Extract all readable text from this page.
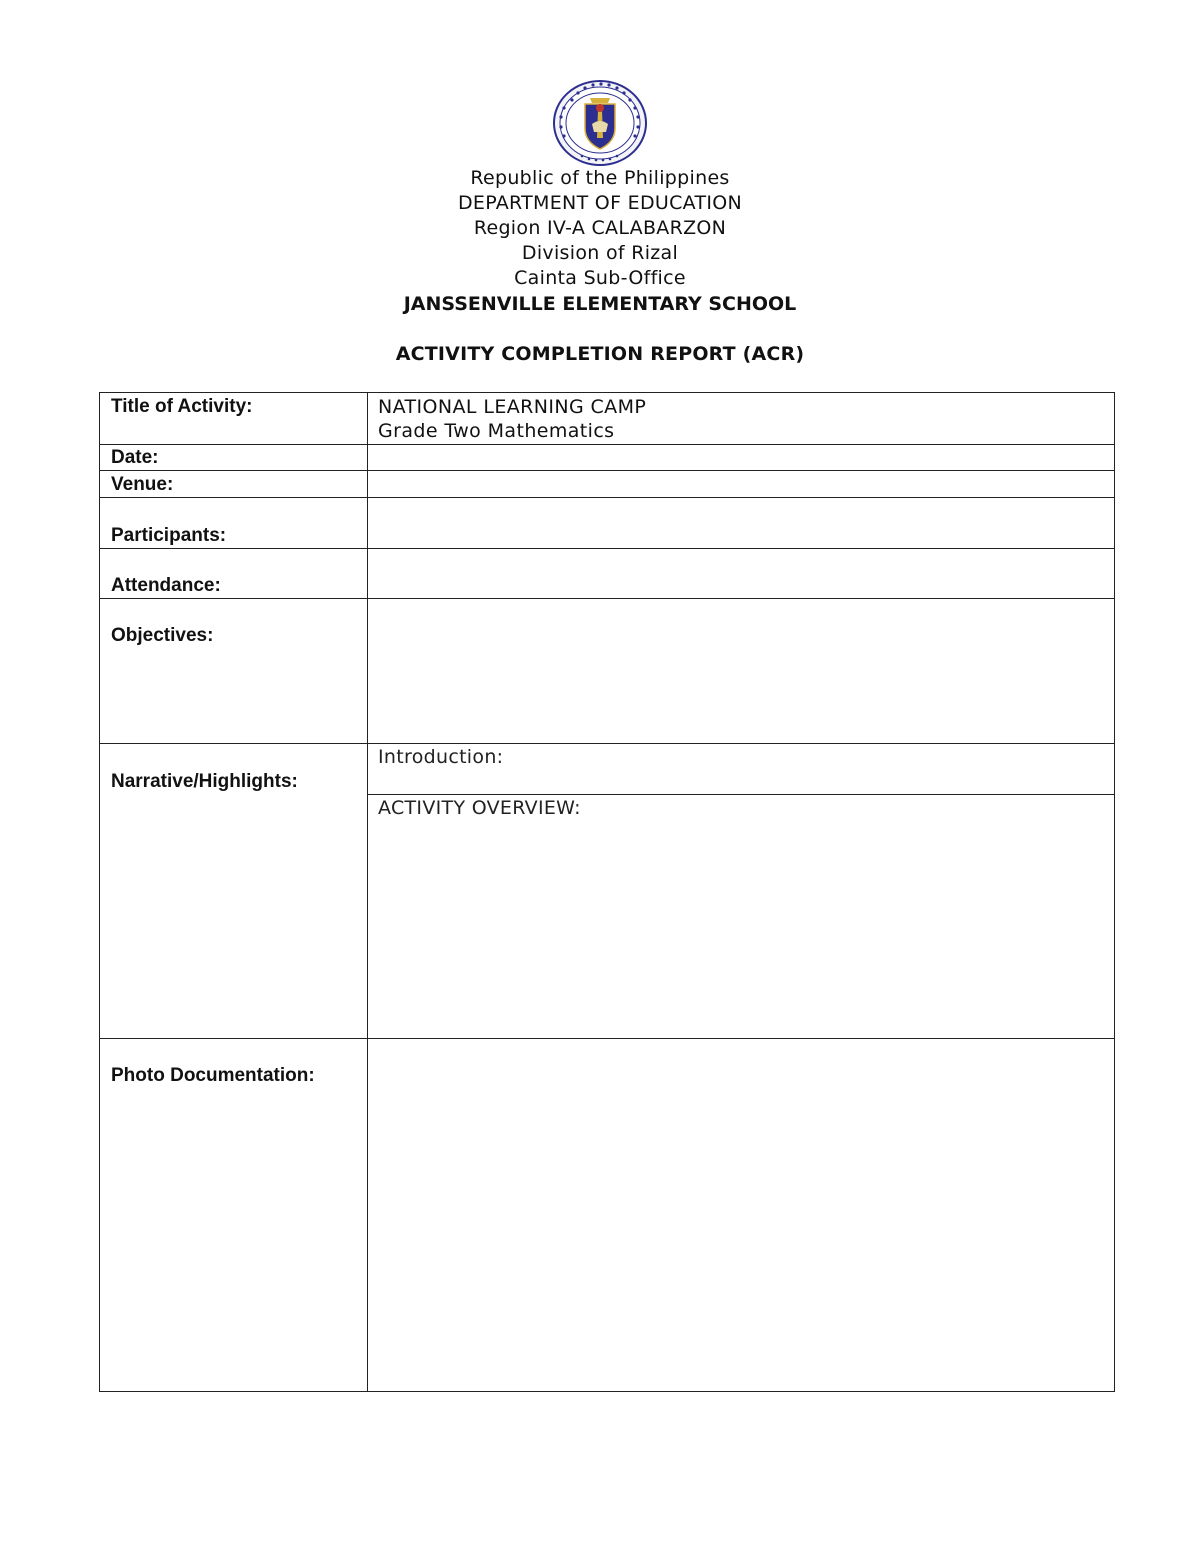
Republic of the Philippines
DEPARTMENT OF EDUCATION
Region IV-A CALABARZON
Division of Rizal
Cainta Sub-Office
JANSSENVILLE ELEMENTARY SCHOOL
ACTIVITY COMPLETION REPORT (ACR)
Title of Activity:	NATIONAL LEARNING CAMP
Grade Two Mathematics

Date:	
Venue:	
Participants:	
Attendance:	
Objectives:	
Narrative/Highlights:	Introduction:
	ACTIVITY OVERVIEW:
Photo Documentation:	
